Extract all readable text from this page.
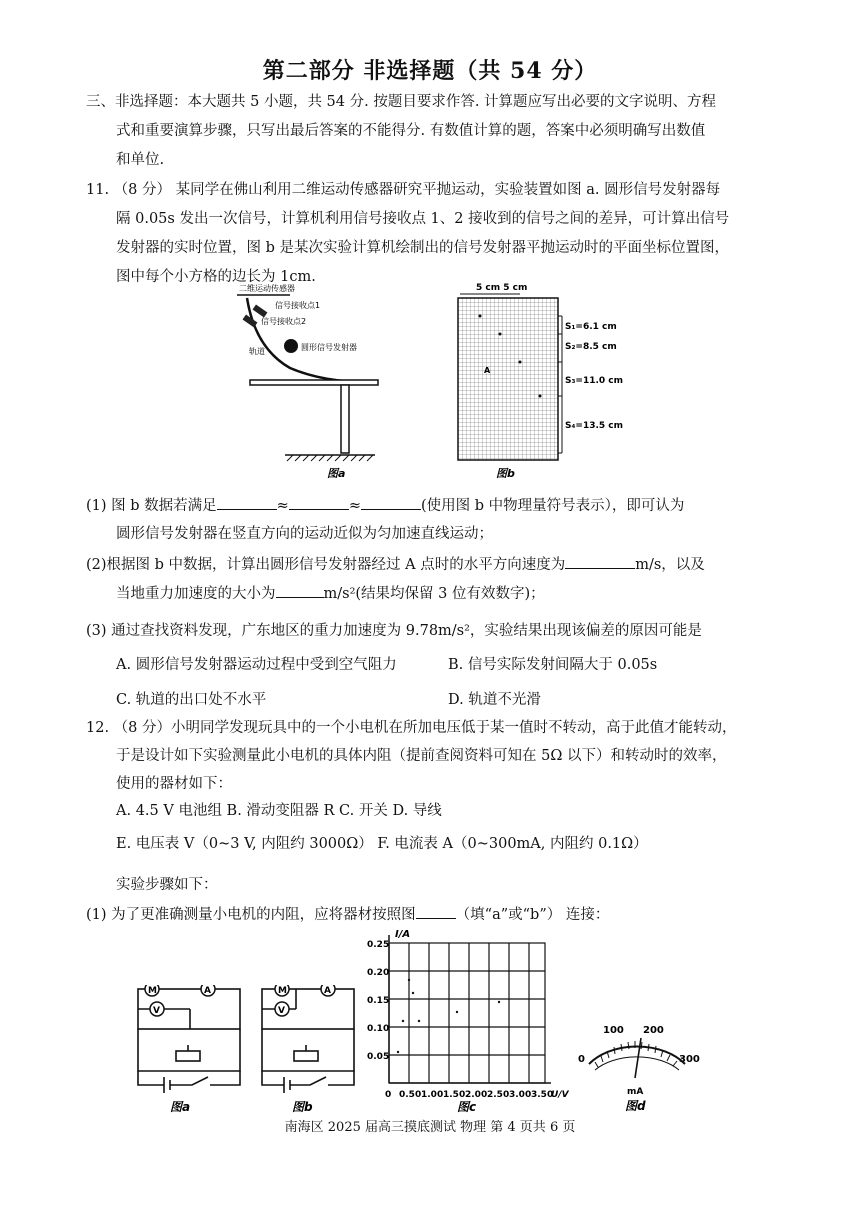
第二部分 非选择题（共 54 分）
三、非选择题：本大题共 5 小题，共 54 分. 按题目要求作答. 计算题应写出必要的文字说明、方程
式和重要演算步骤，只写出最后答案的不能得分. 有数值计算的题，答案中必须明确写出数值
和单位.
11. （8 分） 某同学在佛山利用二维运动传感器研究平抛运动，实验装置如图 a. 圆形信号发射器每
隔 0.05s 发出一次信号，计算机利用信号接收点 1、2 接收到的信号之间的差异，可计算出信号
发射器的实时位置，图 b 是某次实验计算机绘制出的信号发射器平抛运动时的平面坐标位置图，
图中每个小方格的边长为 1cm.
二维运动传感器
信号接收点1
信号接收点2
圆形信号发射器
轨道
图a
5 cm 5 cm
S₁=6.1 cm
S₂=8.5 cm
S₃=11.0 cm
S₄=13.5 cm
A
图b
(1) 图 b 数据若满足	≈	≈	(使用图 b 中物理量符号表示），即可认为
圆形信号发射器在竖直方向的运动近似为匀加速直线运动；
(2)根据图 b 中数据，计算出圆形信号发射器经过 A 点时的水平方向速度为	m/s，以及
当地重力加速度的大小为	m/s²(结果均保留 3 位有效数字)；
(3) 通过查找资料发现，广东地区的重力加速度为 9.78m/s²，实验结果出现该偏差的原因可能是
A. 圆形信号发射器运动过程中受到空气阻力	B. 信号实际发射间隔大于 0.05s
C. 轨道的出口处不水平	D. 轨道不光滑
12. （8 分）小明同学发现玩具中的一个小电机在所加电压低于某一值时不转动，高于此值才能转动，
于是设计如下实验测量此小电机的具体内阻（提前查阅资料可知在 5Ω 以下）和转动时的效率，
使用的器材如下：
A. 4.5 V 电池组 B. 滑动变阻器 R C. 开关 D. 导线
E. 电压表 V（0~3 V, 内阻约 3000Ω） F. 电流表 A（0~300mA, 内阻约 0.1Ω）
实验步骤如下：
(1) 为了更准确测量小电机的内阻，应将器材按照图	（填“a”或“b”） 连接：
M	A
V
图a
M	A
V
图b
I/A
0.25
0.20
0.15
0.10
0.05
0 0.50 1.00 1.50 2.00 2.50 3.00 3.50
U/V
图c
100 200
0	300
mA
图d
南海区 2025 届高三摸底测试 物理 第 4 页共 6 页
